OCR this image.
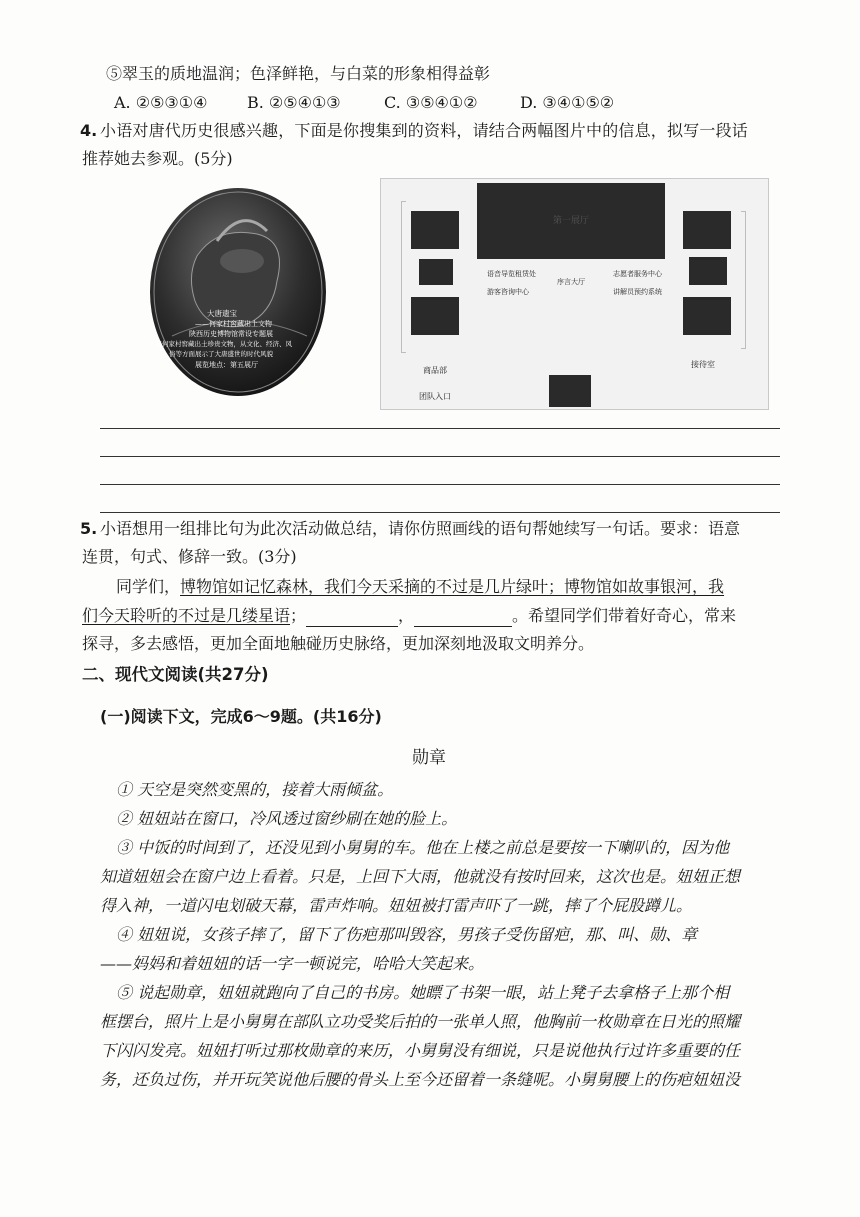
⑤翠玉的质地温润；色泽鲜艳，与白菜的形象相得益彰
A. ②⑤③①④ B. ②⑤④①③	C. ③⑤④①②	D. ③④①⑤②
4. 小语对唐代历史很感兴趣，下面是你搜集到的资料，请结合两幅图片中的信息，拟写一段话
推荐她去参观。(5分)
大唐遗宝
——何家村窖藏出土文物
陕西历史博物馆常设专题展
汇聚何家村窖藏出土珍贵文物，从文化、经济、风
俗等方面展示了大唐盛世的时代风貌
展览地点：第五展厅
第一展厅
语音导览租赁处
游客咨询中心
序言大厅
志愿者服务中心
讲解员预约系统
商品部
接待室
团队入口
5. 小语想用一组排比句为此次活动做总结，请你仿照画线的语句帮她续写一句话。要求：语意
连贯，句式、修辞一致。(3分)
同学们，博物馆如记忆森林，我们今天采摘的不过是几片绿叶；博物馆如故事银河，我
们今天聆听的不过是几缕星语；	，	。希望同学们带着好奇心，常来
探寻，多去感悟，更加全面地触碰历史脉络，更加深刻地汲取文明养分。
二、现代文阅读(共27分)
(一)阅读下文，完成6～9题。(共16分)
勋章
① 天空是突然变黑的，接着大雨倾盆。
② 妞妞站在窗口，冷风透过窗纱刷在她的脸上。
③ 中饭的时间到了，还没见到小舅舅的车。他在上楼之前总是要按一下喇叭的，因为他
知道妞妞会在窗户边上看着。只是，上回下大雨，他就没有按时回来，这次也是。妞妞正想
得入神，一道闪电划破天幕，雷声炸响。妞妞被打雷声吓了一跳，摔了个屁股蹲儿。
④ 妞妞说，女孩子摔了，留下了伤疤那叫毁容，男孩子受伤留疤，那、叫、勋、章
——妈妈和着妞妞的话一字一顿说完，哈哈大笑起来。
⑤ 说起勋章，妞妞就跑向了自己的书房。她瞟了书架一眼，站上凳子去拿格子上那个相
框摆台，照片上是小舅舅在部队立功受奖后拍的一张单人照，他胸前一枚勋章在日光的照耀
下闪闪发亮。妞妞打听过那枚勋章的来历，小舅舅没有细说，只是说他执行过许多重要的任
务，还负过伤，并开玩笑说他后腰的骨头上至今还留着一条缝呢。小舅舅腰上的伤疤妞妞没
